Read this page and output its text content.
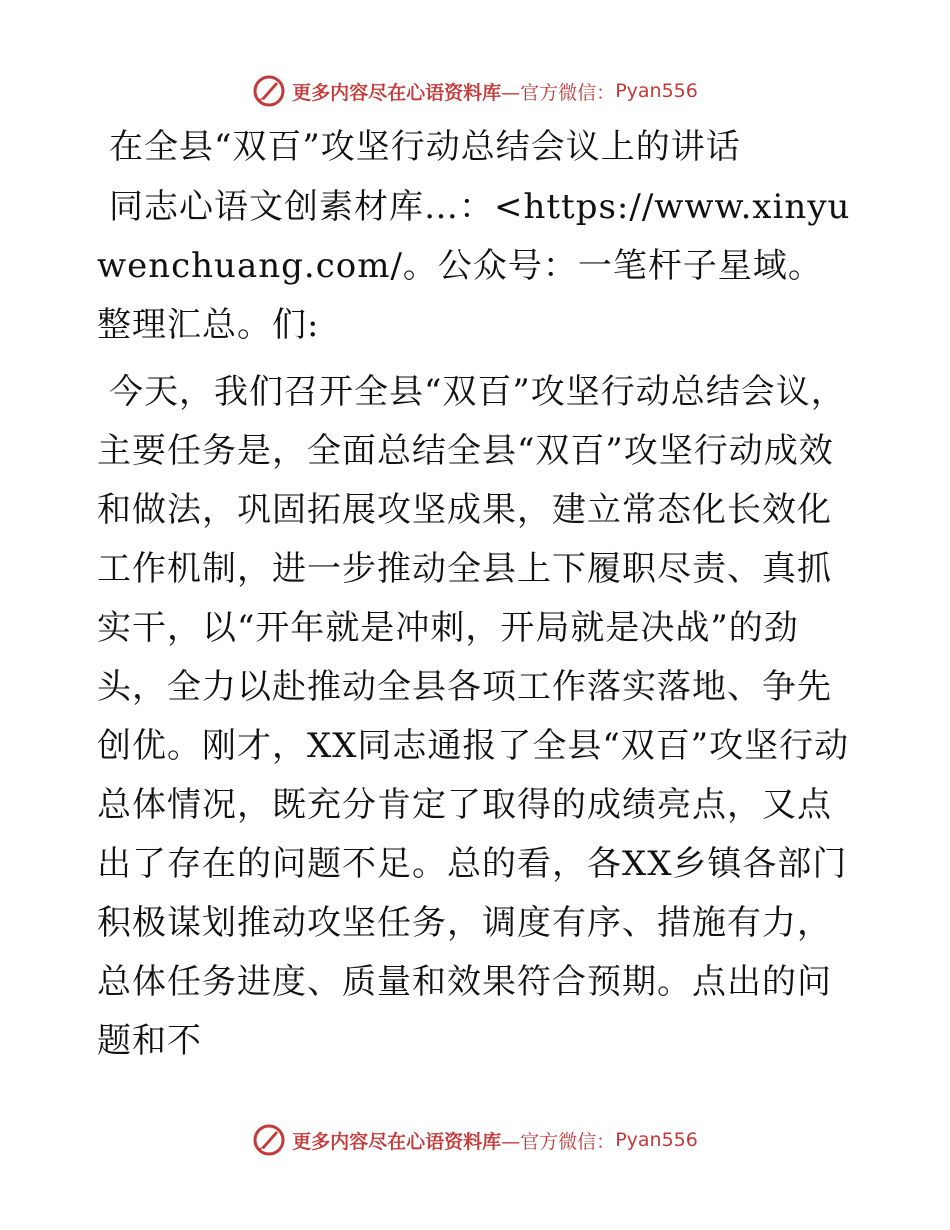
更多内容尽在心语资料库 —官方微信： Pyan556
在全县“双百”攻坚行动总结会议上的讲话

同志心语文创素材库…：<https://www.xinyuwenchuang.com/。公众号：一笔杆子星域。整理汇总。们:

今天，我们召开全县“双百”攻坚行动总结会议，主要任务是，全面总结全县“双百”攻坚行动成效和做法，巩固拓展攻坚成果，建立常态化长效化工作机制，进一步推动全县上下履职尽责、真抓实干，以“开年就是冲刺，开局就是决战”的劲头，全力以赴推动全县各项工作落实落地、争先创优。刚才，XX同志通报了全县“双百”攻坚行动总体情况，既充分肯定了取得的成绩亮点，又点出了存在的问题不足。总的看，各XX乡镇各部门积极谋划推动攻坚任务，调度有序、措施有力，总体任务进度、质量和效果符合预期。点出的问题和不

更多内容尽在心语资料库 —官方微信： Pyan556
